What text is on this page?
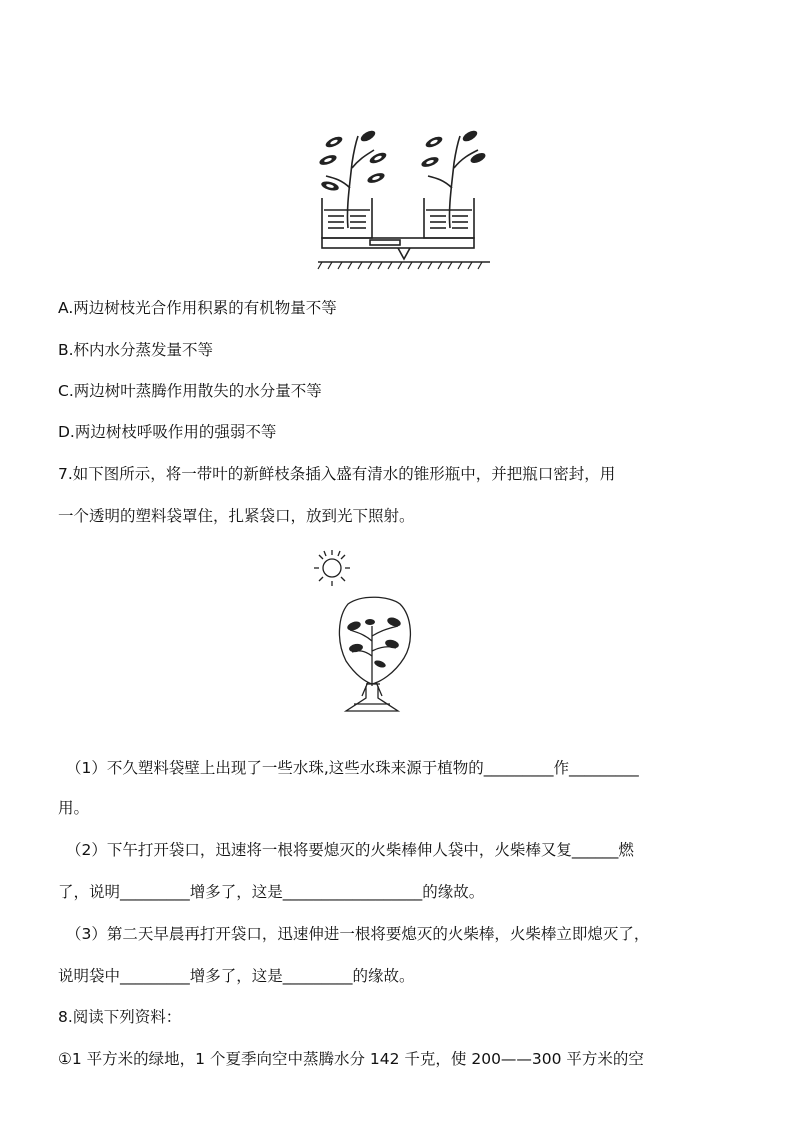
A.两边树枝光合作用积累的有机物量不等
B.杯内水分蒸发量不等
C.两边树叶蒸腾作用散失的水分量不等
D.两边树枝呼吸作用的强弱不等
7.如下图所示，将一带叶的新鲜枝条插入盛有清水的锥形瓶中，并把瓶口密封，用
一个透明的塑料袋罩住，扎紧袋口，放到光下照射。
（1）不久塑料袋壁上出现了一些水珠,这些水珠来源于植物的_________作_________
用。
（2）下午打开袋口，迅速将一根将要熄灭的火柴棒伸人袋中，火柴棒又复______燃
了，说明_________增多了，这是__________________的缘故。
（3）第二天早晨再打开袋口，迅速伸进一根将要熄灭的火柴棒，火柴棒立即熄灭了，
说明袋中_________增多了，这是_________的缘故。
8.阅读下列资料：
①1 平方米的绿地，1 个夏季向空中蒸腾水分 142 千克，使 200——300 平方米的空
